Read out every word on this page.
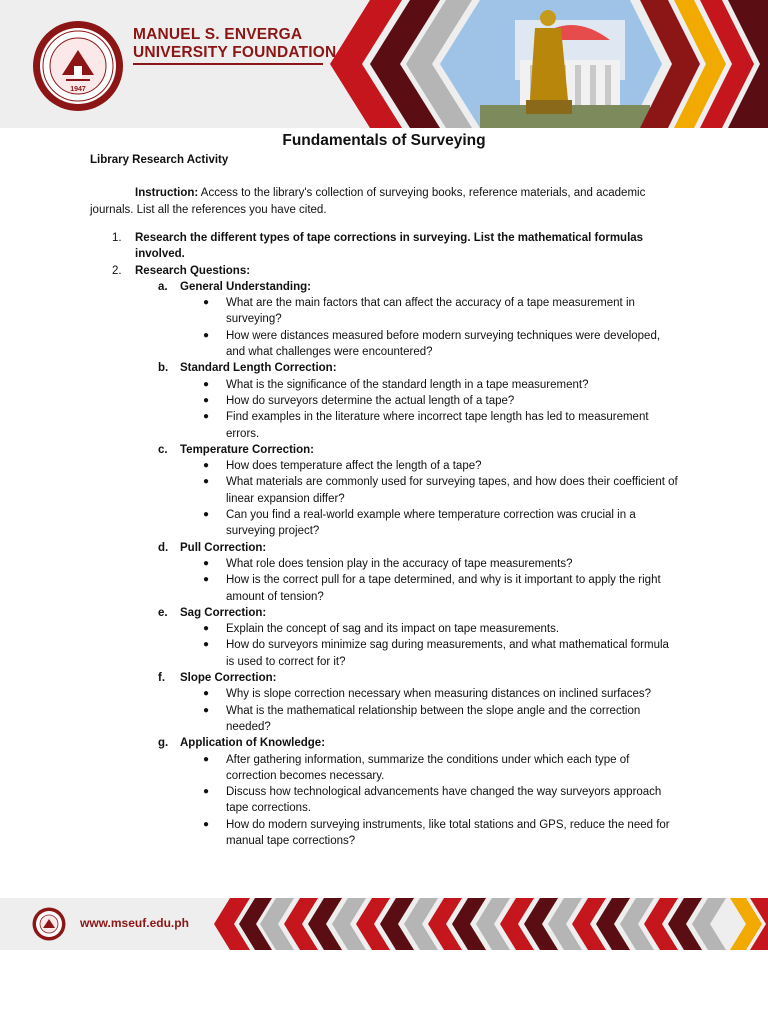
1947
MANUEL S. ENVERGA
UNIVERSITY FOUNDATION
Fundamentals of Surveying
Library Research Activity
Instruction: Access to the library's collection of surveying books, reference materials, and academic journals. List all the references you have cited.
1. Research the different types of tape corrections in surveying. List the mathematical formulas involved.
2. Research Questions:
a. General Understanding:
● What are the main factors that can affect the accuracy of a tape measurement in surveying?
● How were distances measured before modern surveying techniques were developed, and what challenges were encountered?
b. Standard Length Correction:
● What is the significance of the standard length in a tape measurement?
● How do surveyors determine the actual length of a tape?
● Find examples in the literature where incorrect tape length has led to measurement errors.
c. Temperature Correction:
● How does temperature affect the length of a tape?
● What materials are commonly used for surveying tapes, and how does their coefficient of linear expansion differ?
● Can you find a real-world example where temperature correction was crucial in a surveying project?
d. Pull Correction:
● What role does tension play in the accuracy of tape measurements?
● How is the correct pull for a tape determined, and why is it important to apply the right amount of tension?
e. Sag Correction:
● Explain the concept of sag and its impact on tape measurements.
● How do surveyors minimize sag during measurements, and what mathematical formula is used to correct for it?
f. Slope Correction:
● Why is slope correction necessary when measuring distances on inclined surfaces?
● What is the mathematical relationship between the slope angle and the correction needed?
g. Application of Knowledge:
● After gathering information, summarize the conditions under which each type of correction becomes necessary.
● Discuss how technological advancements have changed the way surveyors approach tape corrections.
● How do modern surveying instruments, like total stations and GPS, reduce the need for manual tape corrections?
www.mseuf.edu.ph
